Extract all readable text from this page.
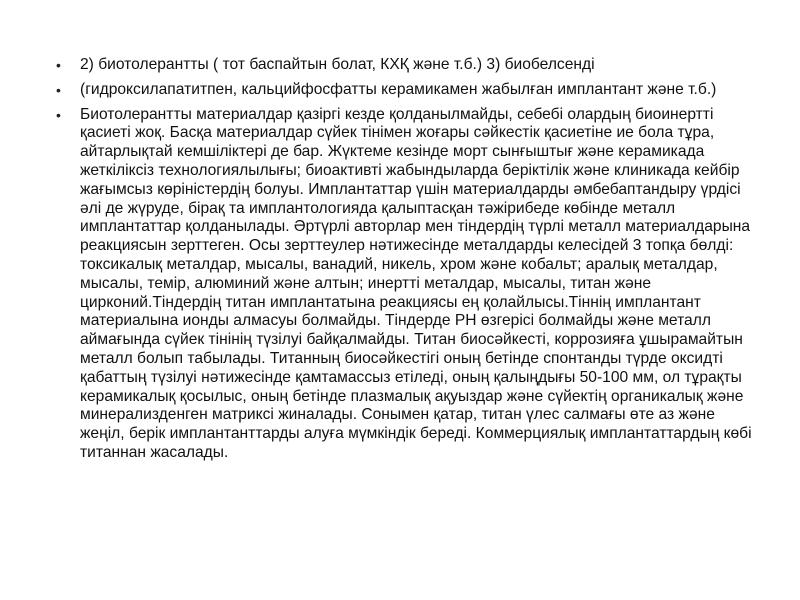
•	2) биотолерантты ( тот баспайтын болат, КХҚ және т.б.) 3) биобелсенді
•	(гидроксилапатитпен, кальцийфосфатты керамикамен жабылған имплантант және т.б.)
•	Биотолерантты материалдар қазіргі кезде қолданылмайды, себебі олардың биоинертті қасиеті жоқ. Басқа материалдар сүйек тінімен жоғары сәйкестік қасиетіне ие бола тұра, айтарлықтай кемшіліктері де бар. Жүктеме кезінде морт сынғыштығ және керамикада жеткіліксіз технологиялылығы; биоактивті жабындыларда беріктілік және клиникада кейбір жағымсыз көріністердің болуы. Имплантаттар үшін материалдарды әмбебаптандыру үрдісі әлі де жүруде, бірақ та имплантологияда қалыптасқан тәжірибеде көбінде металл имплантаттар қолданылады. Әртүрлі авторлар мен тіндердің түрлі металл материалдарына реакциясын зерттеген. Осы зерттеулер нәтижесінде металдарды келесідей 3 топқа бөлді: токсикалық металдар, мысалы, ванадий, никель, хром және кобальт; аралық металдар, мысалы, темір, алюминий және алтын; инертті металдар, мысалы, титан және цирконий.Тіндердің титан имплантатына реакциясы ең қолайлысы.Тіннің имплантант материалына ионды алмасуы болмайды. Тіндерде РН өзгерісі болмайды және металл аймағында сүйек тінінің түзілуі байқалмайды. Титан биосәйкесті, коррозияға ұшырамайтын металл болып табылады. Титанның биосәйкестігі оның бетінде спонтанды түрде оксидті қабаттың түзілуі нәтижесінде қамтамассыз етіледі, оның қалыңдығы 50-100 мм, ол тұрақты керамикалық қосылыс, оның бетінде плазмалық ақуыздар және сүйектің органикалық және минерализденген матриксі жиналады. Сонымен қатар, титан үлес салмағы өте аз және жеңіл, берік имплантанттарды алуға мүмкіндік береді. Коммерциялық имплантаттардың көбі титаннан жасалады.
